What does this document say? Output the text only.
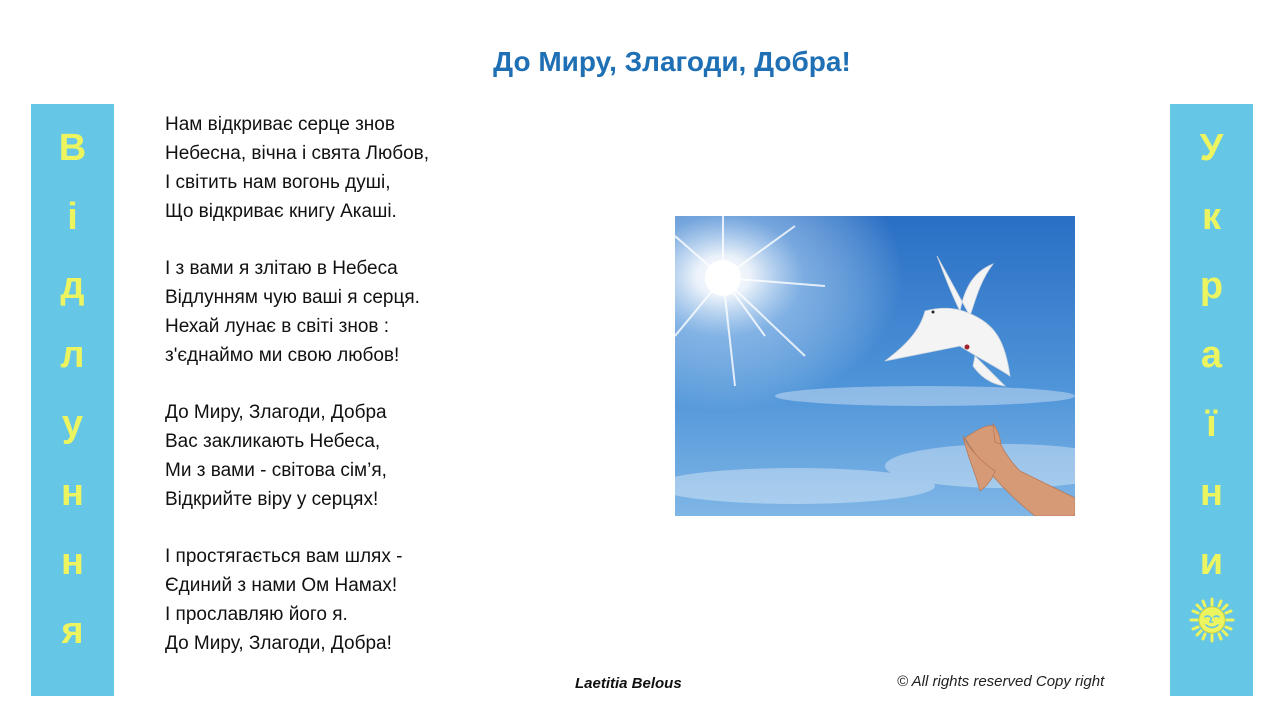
До Миру, Злагоди, Добра!
В
і
д
л
у
н
н
я
У
к
р
а
ї
н
и
Нам відкриває серце знов
Небесна, вічна і свята Любов,
І світить нам вогонь душі,
Що відкриває книгу Акаші.
І з вами я злітаю в Небеса
Відлунням чую ваші я серця.
Нехай лунає в світі знов :
з'єднаймо ми свою любов!
До Миру, Злагоди, Добра
Вас закликають Небеса,
Ми з вами - світова сім’я,
Відкрийте віру у серцях!
І простягається вам шлях -
Єдиний з нами Ом Намах!
І прославляю його я.
До Миру, Злагоди, Добра!
Laetitia Belous	© All rights reserved Copy right
